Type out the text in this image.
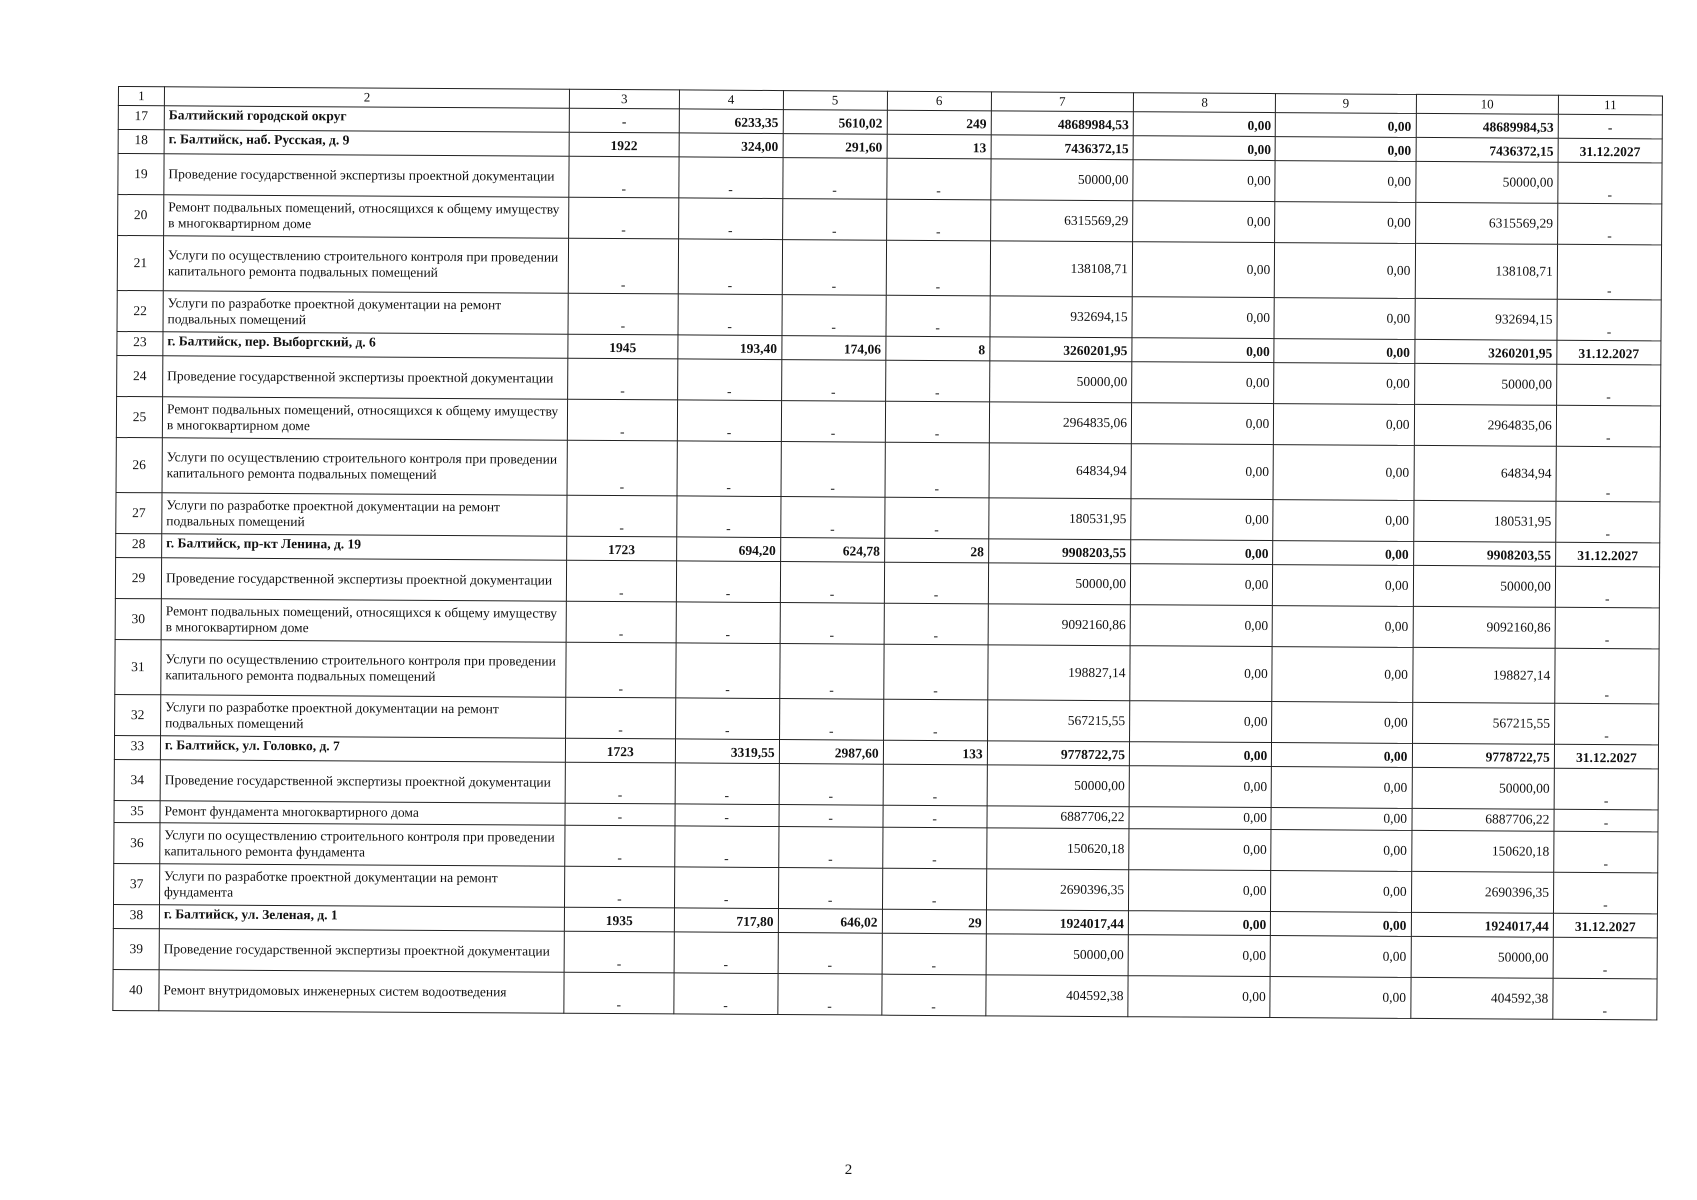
1	2	3	4	5	6	7	8	9	10	11
17	Балтийский городской округ	-	6233,35	5610,02	249	48689984,53	0,00	0,00	48689984,53	-
18	г. Балтийск, наб. Русская, д. 9	1922	324,00	291,60	13	7436372,15	0,00	0,00	7436372,15	31.12.2027
19	Проведение государственной экспертизы проектной документации	-	-	-	-	50000,00	0,00	0,00	50000,00	-
20	Ремонт подвальных помещений, относящихся к общему имуществу в многоквартирном доме	-	-	-	-	6315569,29	0,00	0,00	6315569,29	-
21	Услуги по осуществлению строительного контроля при проведении капитального ремонта подвальных помещений	-	-	-	-	138108,71	0,00	0,00	138108,71	-
22	Услуги по разработке проектной документации на ремонт подвальных помещений	-	-	-	-	932694,15	0,00	0,00	932694,15	-
23	г. Балтийск, пер. Выборгский, д. 6	1945	193,40	174,06	8	3260201,95	0,00	0,00	3260201,95	31.12.2027
24	Проведение государственной экспертизы проектной документации	-	-	-	-	50000,00	0,00	0,00	50000,00	-
25	Ремонт подвальных помещений, относящихся к общему имуществу в многоквартирном доме	-	-	-	-	2964835,06	0,00	0,00	2964835,06	-
26	Услуги по осуществлению строительного контроля при проведении капитального ремонта подвальных помещений	-	-	-	-	64834,94	0,00	0,00	64834,94	-
27	Услуги по разработке проектной документации на ремонт подвальных помещений	-	-	-	-	180531,95	0,00	0,00	180531,95	-
28	г. Балтийск, пр-кт Ленина, д. 19	1723	694,20	624,78	28	9908203,55	0,00	0,00	9908203,55	31.12.2027
29	Проведение государственной экспертизы проектной документации	-	-	-	-	50000,00	0,00	0,00	50000,00	-
30	Ремонт подвальных помещений, относящихся к общему имуществу в многоквартирном доме	-	-	-	-	9092160,86	0,00	0,00	9092160,86	-
31	Услуги по осуществлению строительного контроля при проведении капитального ремонта подвальных помещений	-	-	-	-	198827,14	0,00	0,00	198827,14	-
32	Услуги по разработке проектной документации на ремонт подвальных помещений	-	-	-	-	567215,55	0,00	0,00	567215,55	-
33	г. Балтийск, ул. Головко, д. 7	1723	3319,55	2987,60	133	9778722,75	0,00	0,00	9778722,75	31.12.2027
34	Проведение государственной экспертизы проектной документации	-	-	-	-	50000,00	0,00	0,00	50000,00	-
35	Ремонт фундамента многоквартирного дома	-	-	-	-	6887706,22	0,00	0,00	6887706,22	-
36	Услуги по осуществлению строительного контроля при проведении капитального ремонта фундамента	-	-	-	-	150620,18	0,00	0,00	150620,18	-
37	Услуги по разработке проектной документации на ремонт фундамента	-	-	-	-	2690396,35	0,00	0,00	2690396,35	-
38	г. Балтийск, ул. Зеленая, д. 1	1935	717,80	646,02	29	1924017,44	0,00	0,00	1924017,44	31.12.2027
39	Проведение государственной экспертизы проектной документации	-	-	-	-	50000,00	0,00	0,00	50000,00	-
40	Ремонт внутридомовых инженерных систем водоотведения	-	-	-	-	404592,38	0,00	0,00	404592,38	-
2
